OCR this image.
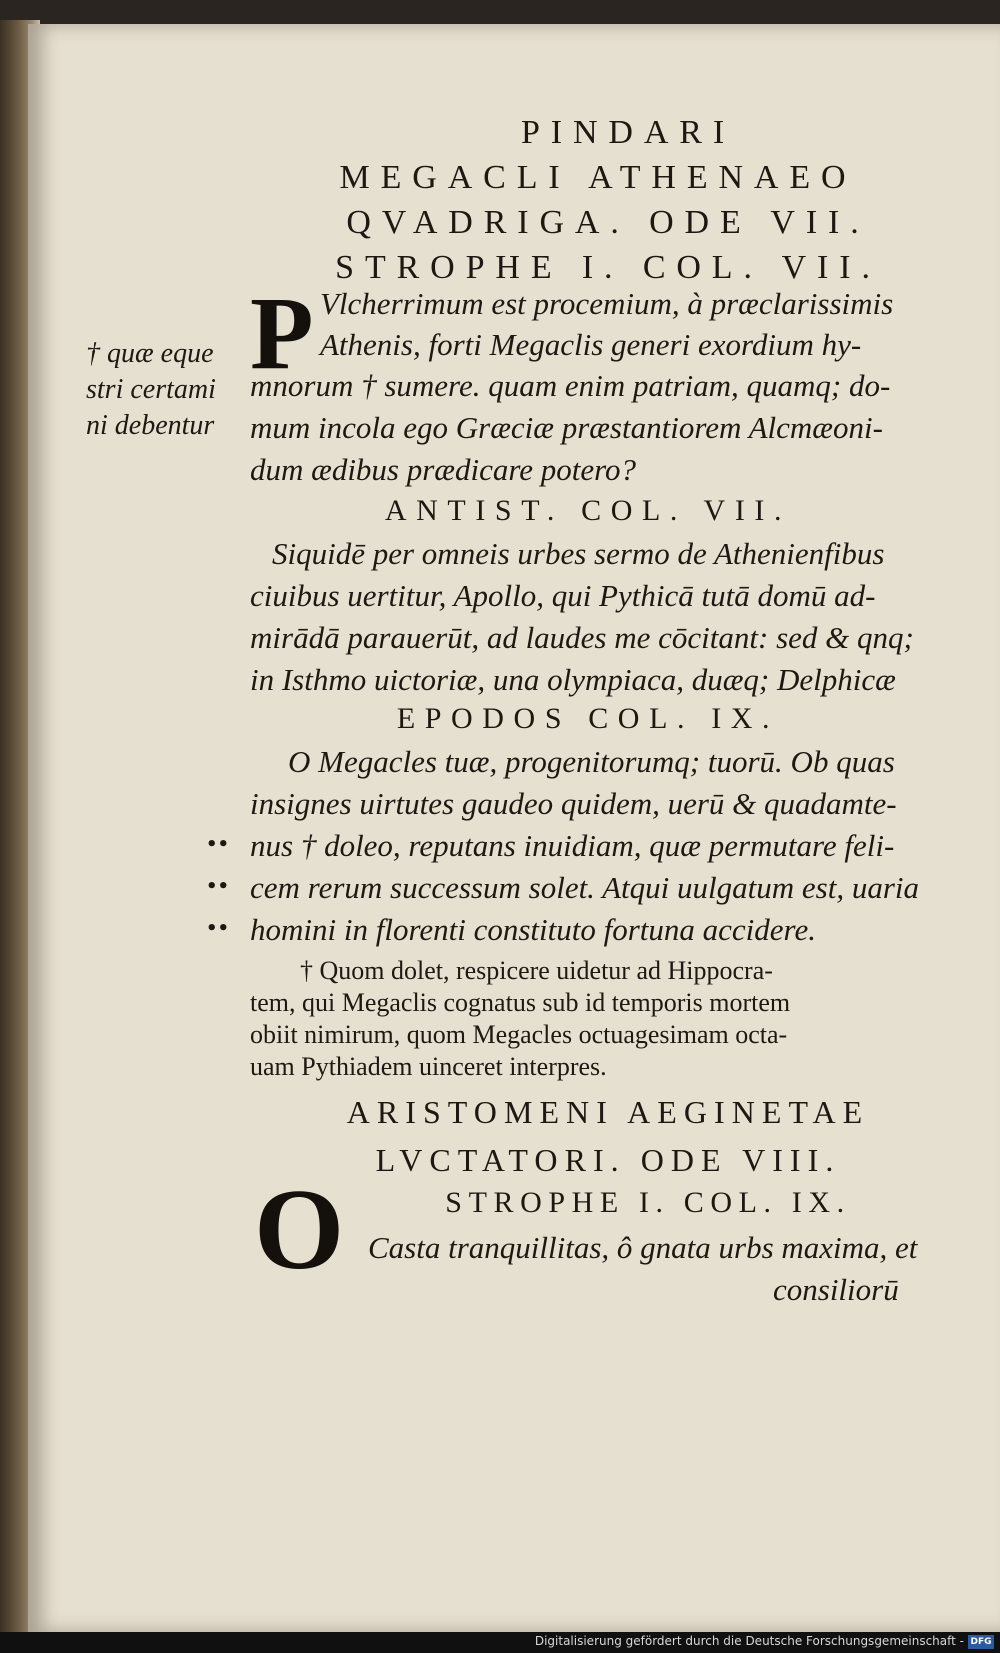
PINDARI
MEGACLI ATHENAEO
QVADRIGA. ODE VII.
STROPHE I. COL. VII.
P Vlcherrimum est procemium, à præclarissimis
Athenis, forti Megaclis generi exordium hy-
mnorum † sumere. quam enim patriam, quamq; do-
mum incola ego Græciæ præstantiorem Alcmæoni-
dum ædibus prædicare potero?
† quæ eque
stri certami
ni debentur
ANTIST. COL. VII.
Siquidē per omneis urbes sermo de Athenienfibus
ciuibus uertitur, Apollo, qui Pythicā tutā domū ad-
mirādā parauerūt, ad laudes me cōcitant: sed & qnq;
in Isthmo uictoriæ, una olympiaca, duæq; Delphicæ
EPODOS COL. IX.
O Megacles tuæ, progenitorumq; tuorū. Ob quas
insignes uirtutes gaudeo quidem, uerū & quadamte-
nus † doleo, reputans inuidiam, quæ permutare feli-
cem rerum successum solet. Atqui uulgatum est, uaria
homini in florenti constituto fortuna accidere.
••
••
••
† Quom dolet, respicere uidetur ad Hippocra-
tem, qui Megaclis cognatus sub id temporis mortem
obiit nimirum, quom Megacles octuagesimam octa-
uam Pythiadem uinceret interpres.
ARISTOMENI AEGINETAE
LVCTATORI. ODE VIII.
O	STROPHE I. COL. IX.
Casta tranquillitas, ô gnata urbs maxima, et
consiliorū
Digitalisierung gefördert durch die Deutsche Forschungsgemeinschaft - DFG
